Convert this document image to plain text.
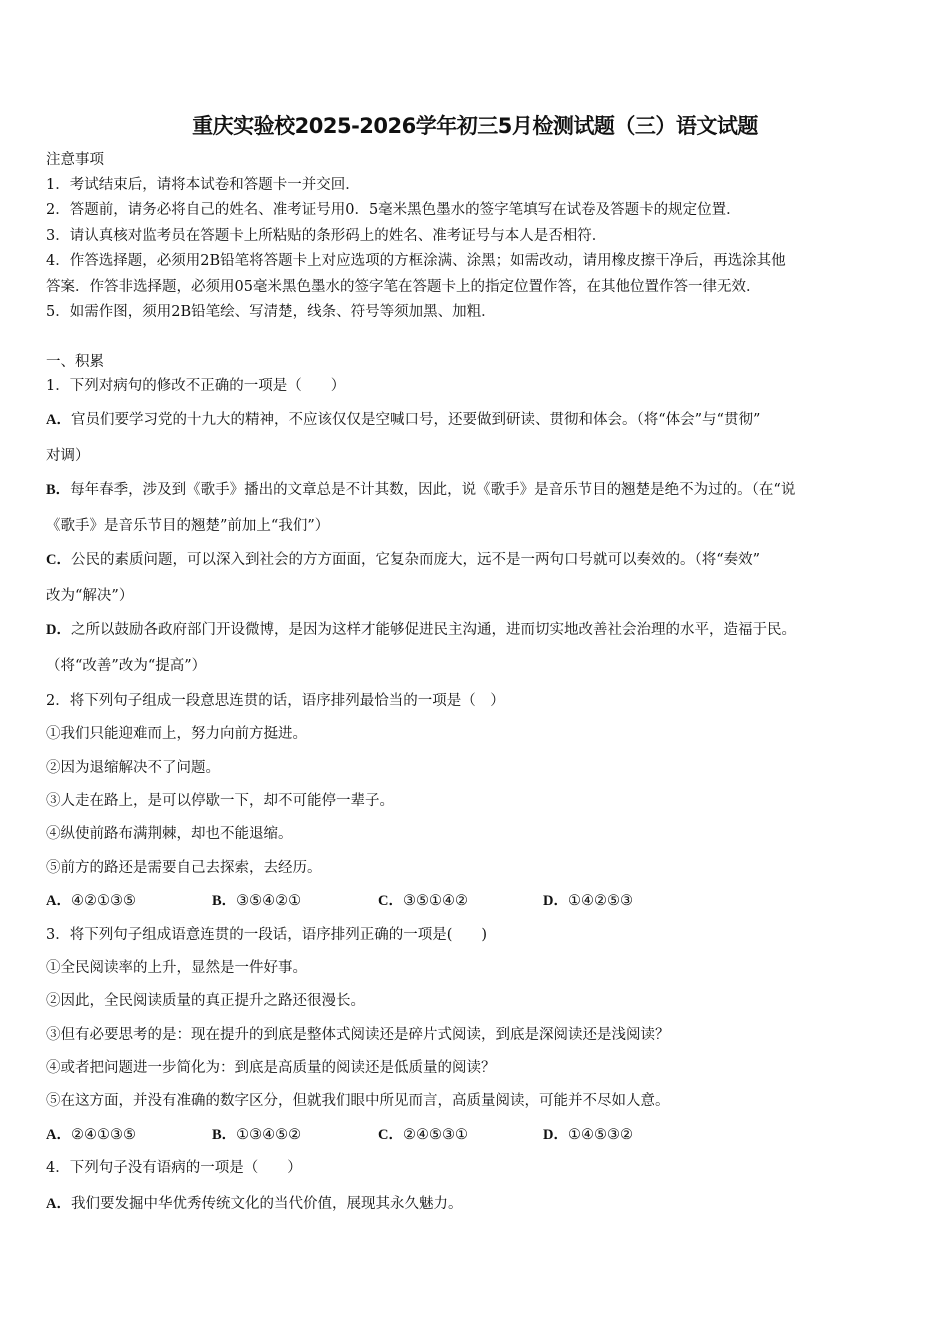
重庆实验校2025-2026学年初三5月检测试题（三）语文试题
注意事项
1．考试结束后，请将本试卷和答题卡一并交回．
2．答题前，请务必将自己的姓名、准考证号用0．5毫米黑色墨水的签字笔填写在试卷及答题卡的规定位置．
3．请认真核对监考员在答题卡上所粘贴的条形码上的姓名、准考证号与本人是否相符．
4．作答选择题，必须用2B铅笔将答题卡上对应选项的方框涂满、涂黑；如需改动，请用橡皮擦干净后，再选涂其他
答案．作答非选择题，必须用05毫米黑色墨水的签字笔在答题卡上的指定位置作答，在其他位置作答一律无效．
5．如需作图，须用2B铅笔绘、写清楚，线条、符号等须加黑、加粗．
一、积累
1．下列对病句的修改不正确的一项是（　　）
A．官员们要学习党的十九大的精神，不应该仅仅是空喊口号，还要做到研读、贯彻和体会。（将“体会”与“贯彻”
对调）
B．每年春季，涉及到《歌手》播出的文章总是不计其数，因此，说《歌手》是音乐节目的翘楚是绝不为过的。（在“说
《歌手》是音乐节目的翘楚”前加上“我们”）
C．公民的素质问题，可以深入到社会的方方面面，它复杂而庞大，远不是一两句口号就可以奏效的。（将“奏效”
改为“解决”）
D．之所以鼓励各政府部门开设微博，是因为这样才能够促进民主沟通，进而切实地改善社会治理的水平，造福于民。
（将“改善”改为“提高”）
2．将下列句子组成一段意思连贯的话，语序排列最恰当的一项是（　）
①我们只能迎难而上，努力向前方挺进。
②因为退缩解决不了问题。
③人走在路上，是可以停歇一下，却不可能停一辈子。
④纵使前路布满荆棘，却也不能退缩。
⑤前方的路还是需要自己去探索，去经历。
A．④②①③⑤	B．③⑤④②①	C．③⑤①④②	D．①④②⑤③
3．将下列句子组成语意连贯的一段话，语序排列正确的一项是(　　)
①全民阅读率的上升，显然是一件好事。
②因此，全民阅读质量的真正提升之路还很漫长。
③但有必要思考的是：现在提升的到底是整体式阅读还是碎片式阅读，到底是深阅读还是浅阅读？
④或者把问题进一步简化为：到底是高质量的阅读还是低质量的阅读？
⑤在这方面，并没有准确的数字区分，但就我们眼中所见而言，高质量阅读，可能并不尽如人意。
A．②④①③⑤	B．①③④⑤②	C．②④⑤③①	D．①④⑤③②
4．下列句子没有语病的一项是（　　）
A．我们要发掘中华优秀传统文化的当代价值，展现其永久魅力。
